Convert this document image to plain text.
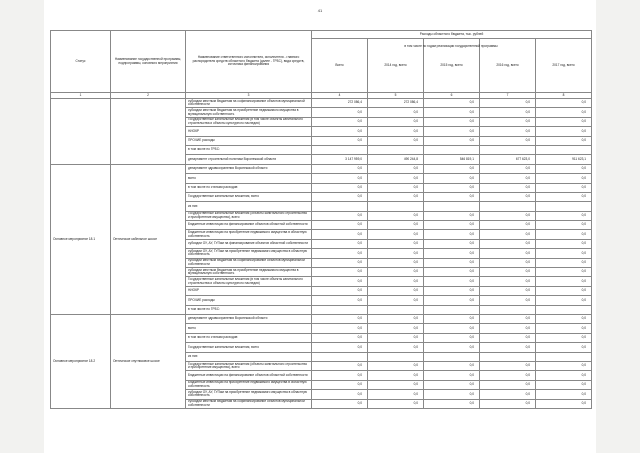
41
Статус	Наименование государственной программы, подпрограммы, основного мероприятия	Наименование ответственного исполнителя, исполнителя - главного распорядителя средств областного бюджета (далее - ГРБС), вида средств, источника финансирования	Расходы областного бюджета, тыс. рублей				
			Всего	2014 год, всего	2015 год, всего	2016 год, всего	2017 год, всего
1	2	3	4	5	6	7	8
		субсидии местным бюджетам на софинансирование объектов муниципальной собственности	272 086,4	272 086,4	0,0	0,0	0,0
		субсидии местным бюджетам на приобретение недвижимого имущества в муниципальную собственность	0,0	0,0	0,0	0,0	0,0
		Государственные капитальные вложения (в том числе объекты капитального строительства и объекты культурного наследия)	0,0	0,0	0,0	0,0	0,0
		НИОКР	0,0	0,0	0,0	0,0	0,0
		ПРОЧИЕ расходы	0,0	0,0	0,0	0,0	0,0
		в том числе по ГРБС:					
		департамент строительной политики Воронежской области	3 147 959,0	490 244,8	546 819,1	677 623,0	911 623,1
Основное мероприятие 18.1	Оптическое кабельное шоссе	департамент здравоохранения Воронежской области	0,0	0,0	0,0	0,0	0,0
		всего	0,0	0,0	0,0	0,0	0,0
		в том числе по статьям расходов:	0,0	0,0	0,0	0,0	0,0
		Государственные капитальные вложения, всего	0,0	0,0	0,0	0,0	0,0
		из них:					
		Государственные капитальные вложения (объекты капитального строительства и приобретение имущества), всего	0,0	0,0	0,0	0,0	0,0
		Бюджетные инвестиции на финансирование объектов областной собственности	0,0	0,0	0,0	0,0	0,0
		Бюджетные инвестиции на приобретение недвижимого имущества в областную собственность	0,0	0,0	0,0	0,0	0,0
		субсидии ОУ, АУ, ГУПам на финансирование объектов областной собственности	0,0	0,0	0,0	0,0	0,0
		субсидии ОУ, АУ, ГУПам на приобретение недвижимого имущества в областную собственность	0,0	0,0	0,0	0,0	0,0
		субсидии местным бюджетам на софинансирование объектов муниципальной собственности	0,0	0,0	0,0	0,0	0,0
		субсидии местным бюджетам на приобретение недвижимого имущества в муниципальную собственность	0,0	0,0	0,0	0,0	0,0
		Государственные капитальные вложения (в том числе объекты капитального строительства и объекты культурного наследия)	0,0	0,0	0,0	0,0	0,0
		НИОКР	0,0	0,0	0,0	0,0	0,0
		ПРОЧИЕ расходы	0,0	0,0	0,0	0,0	0,0
		в том числе по ГРБС:					
Основное мероприятие 18.2	Оптическое спутниковое шоссе	департамент здравоохранения Воронежской области	0,0	0,0	0,0	0,0	0,0
		всего	0,0	0,0	0,0	0,0	0,0
		в том числе по статьям расходов:	0,0	0,0	0,0	0,0	0,0
		Государственные капитальные вложения, всего	0,0	0,0	0,0	0,0	0,0
		из них:					
		Государственные капитальные вложения (объекты капитального строительства и приобретение имущества), всего	0,0	0,0	0,0	0,0	0,0
		Бюджетные инвестиции на финансирование объектов областной собственности	0,0	0,0	0,0	0,0	0,0
		Бюджетные инвестиции на приобретение недвижимого имущества в областную собственность	0,0	0,0	0,0	0,0	0,0
		субсидии ОУ, АУ, ГУПам на приобретение недвижимого имущества в областную собственность	0,0	0,0	0,0	0,0	0,0
		субсидии местным бюджетам на софинансирование объектов муниципальной собственности	0,0	0,0	0,0	0,0	0,0
в том числе по годам реализации государственной программы
